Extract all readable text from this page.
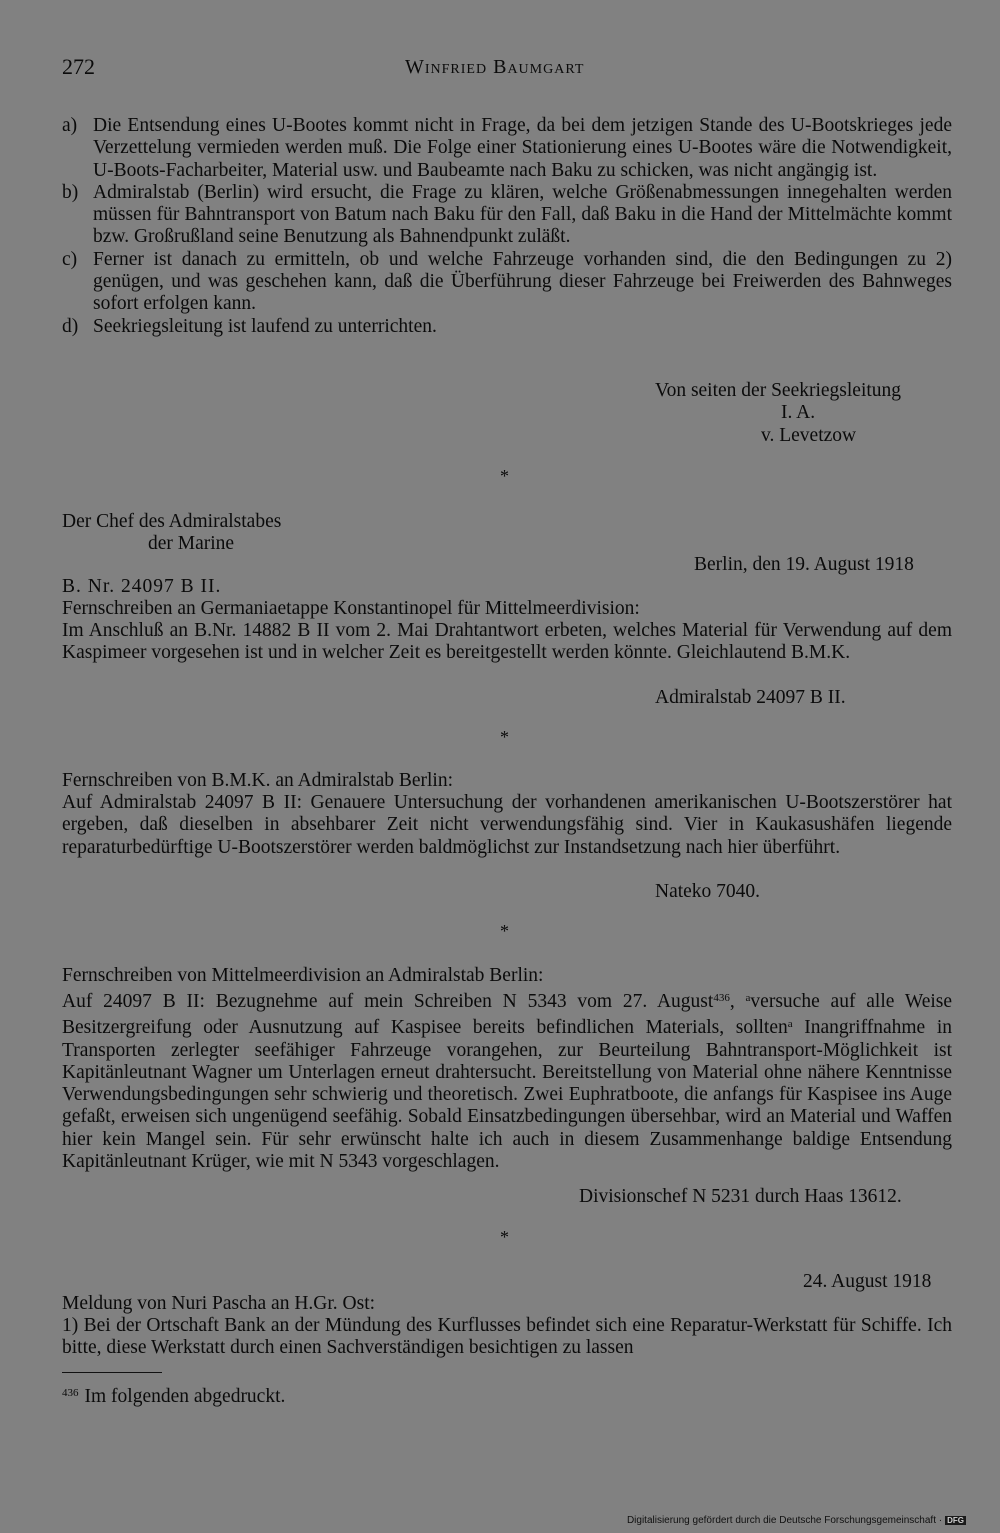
272	Winfried Baumgart
a) Die Entsendung eines U-Bootes kommt nicht in Frage, da bei dem jetzigen Stande des U-Bootskrieges jede Verzettelung vermieden werden muß. Die Folge einer Stationierung eines U-Bootes wäre die Notwendigkeit, U-Boots-Facharbeiter, Material usw. und Baubeamte nach Baku zu schicken, was nicht angängig ist.
b) Admiralstab (Berlin) wird ersucht, die Frage zu klären, welche Größenabmessungen innegehalten werden müssen für Bahntransport von Batum nach Baku für den Fall, daß Baku in die Hand der Mittelmächte kommt bzw. Großrußland seine Benutzung als Bahnendpunkt zuläßt.
c) Ferner ist danach zu ermitteln, ob und welche Fahrzeuge vorhanden sind, die den Bedingungen zu 2) genügen, und was geschehen kann, daß die Überführung dieser Fahrzeuge bei Freiwerden des Bahnweges sofort erfolgen kann.
d) Seekriegsleitung ist laufend zu unterrichten.
Von seiten der Seekriegsleitung
I. A.
v. Levetzow
*
Der Chef des Admiralstabes
der Marine
Berlin, den 19. August 1918
B. Nr. 24097 B II.
Fernschreiben an Germaniaetappe Konstantinopel für Mittelmeerdivision:
Im Anschluß an B.Nr. 14882 B II vom 2. Mai Drahtantwort erbeten, welches Material für Verwendung auf dem Kaspimeer vorgesehen ist und in welcher Zeit es bereitgestellt werden könnte. Gleichlautend B.M.K.
Admiralstab 24097 B II.
*
Fernschreiben von B.M.K. an Admiralstab Berlin:
Auf Admiralstab 24097 B II: Genauere Untersuchung der vorhandenen amerikanischen U-Bootszerstörer hat ergeben, daß dieselben in absehbarer Zeit nicht verwendungsfähig sind. Vier in Kaukasushäfen liegende reparaturbedürftige U-Bootszerstörer werden baldmöglichst zur Instandsetzung nach hier überführt.
Nateko 7040.
*
Fernschreiben von Mittelmeerdivision an Admiralstab Berlin:
Auf 24097 B II: Bezugnehme auf mein Schreiben N 5343 vom 27. August$^{436}$, $^a$versuche auf alle Weise Besitzergreifung oder Ausnutzung auf Kaspisee bereits befindlichen Materials, sollten$^a$ Inangriffnahme in Transporten zerlegter seefähiger Fahrzeuge vorangehen, zur Beurteilung Bahntransport-Möglichkeit ist Kapitänleutnant Wagner um Unterlagen erneut drahtersucht. Bereitstellung von Material ohne nähere Kenntnisse Verwendungsbedingungen sehr schwierig und theoretisch. Zwei Euphratboote, die anfangs für Kaspisee ins Auge gefaßt, erweisen sich ungenügend seefähig. Sobald Einsatzbedingungen übersehbar, wird an Material und Waffen hier kein Mangel sein. Für sehr erwünscht halte ich auch in diesem Zusammenhange baldige Entsendung Kapitänleutnant Krüger, wie mit N 5343 vorgeschlagen.
Divisionschef N 5231 durch Haas 13612.
*
24. August 1918
Meldung von Nuri Pascha an H.Gr. Ost:
1) Bei der Ortschaft Bank an der Mündung des Kurflusses befindet sich eine Reparatur-Werkstatt für Schiffe. Ich bitte, diese Werkstatt durch einen Sachverständigen besichtigen zu lassen
$^{436}$ Im folgenden abgedruckt.
Digitalisierung gefördert durch die Deutsche Forschungsgemeinschaft · DFG
